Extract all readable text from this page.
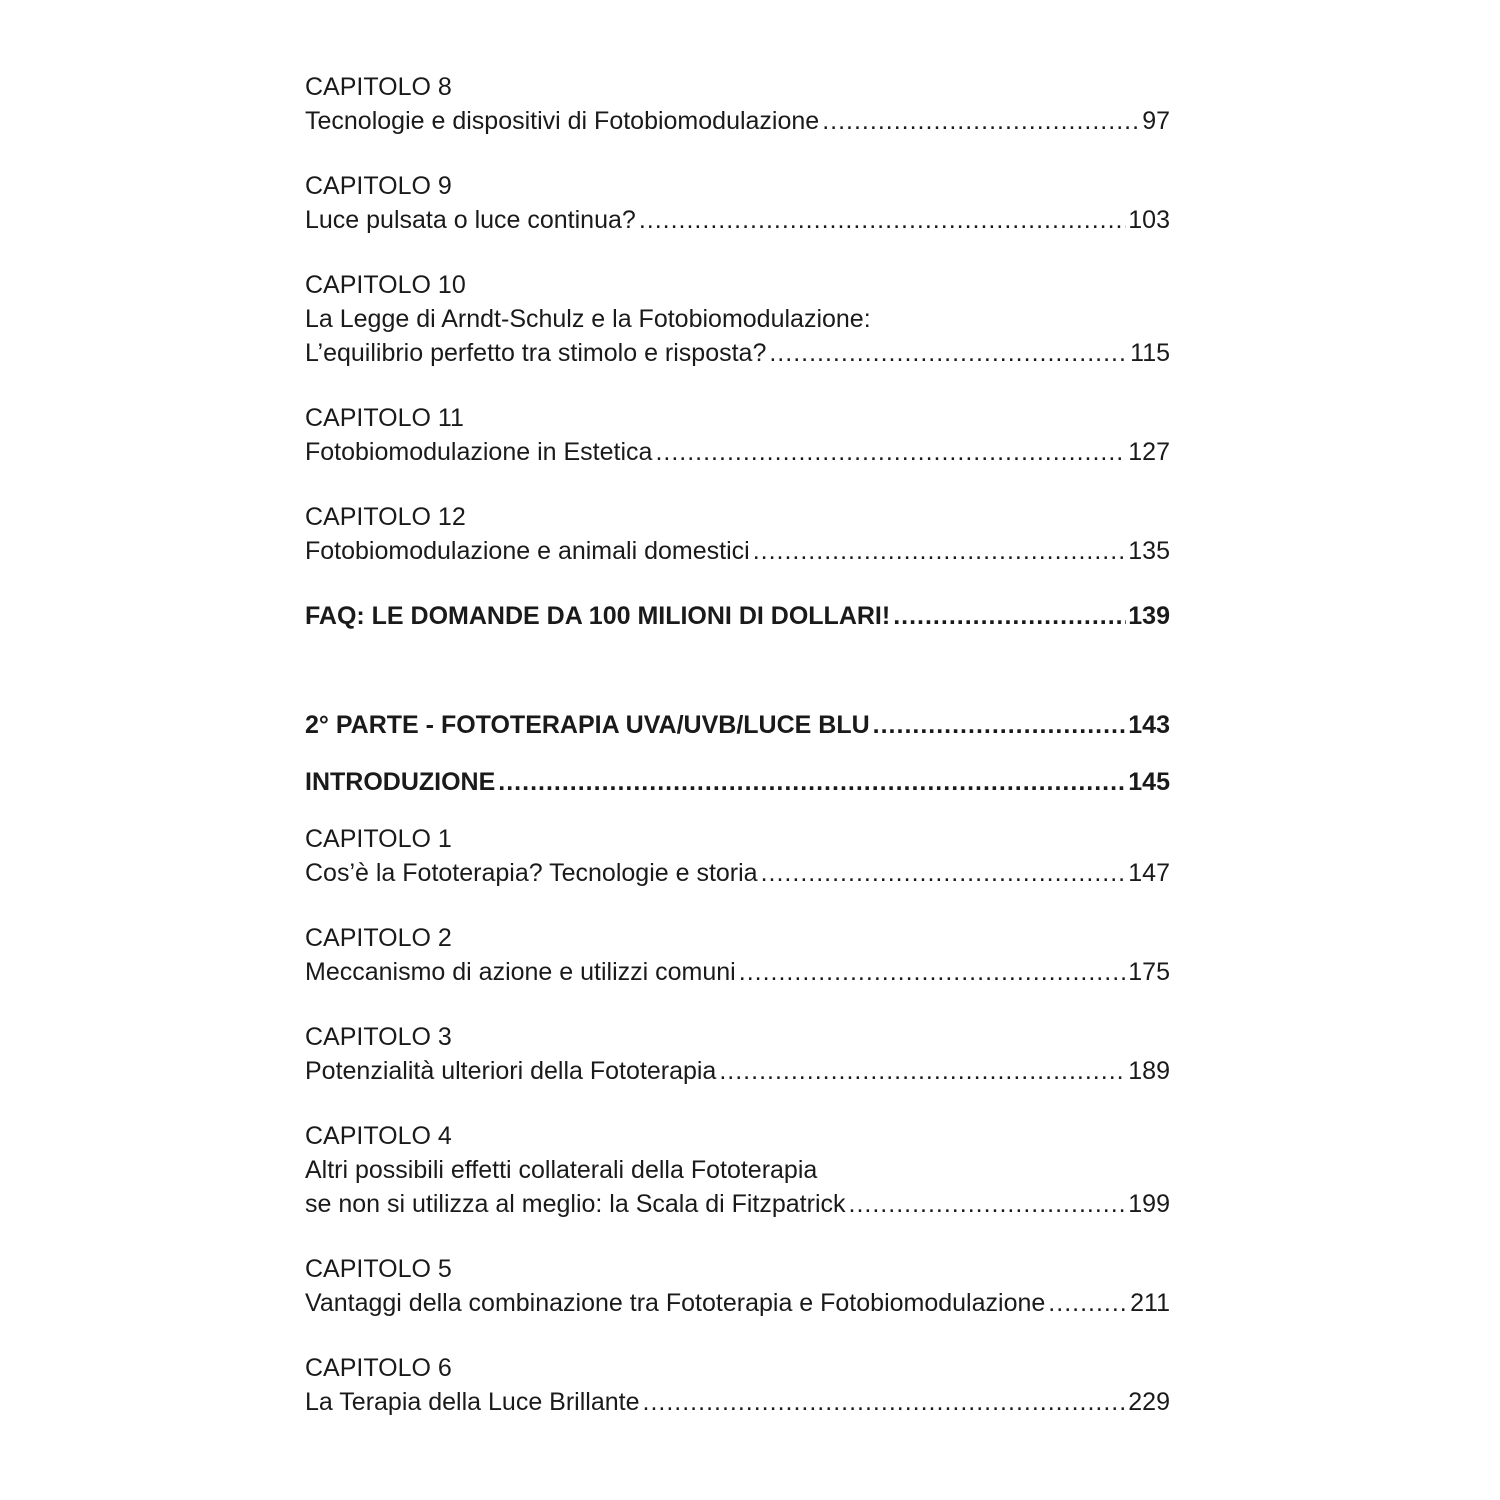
CAPITOLO 8
Tecnologie e dispositivi di Fotobiomodulazione .....	97
CAPITOLO 9
Luce pulsata o luce continua? .....	103
CAPITOLO 10
La Legge di Arndt-Schulz e la Fotobiomodulazione:
L’equilibrio perfetto tra stimolo e risposta? .....	115
CAPITOLO 11
Fotobiomodulazione in Estetica .....	127
CAPITOLO 12
Fotobiomodulazione e animali domestici .....	135
FAQ: LE DOMANDE DA 100 MILIONI DI DOLLARI! .....	139
2° PARTE - FOTOTERAPIA UVA/UVB/LUCE BLU .....	143
INTRODUZIONE .....	145
CAPITOLO 1
Cos’è la Fototerapia? Tecnologie e storia .....	147
CAPITOLO 2
Meccanismo di azione e utilizzi comuni .....	175
CAPITOLO 3
Potenzialità ulteriori della Fototerapia .....	189
CAPITOLO 4
Altri possibili effetti collaterali della Fototerapia
se non si utilizza al meglio: la Scala di Fitzpatrick .....	199
CAPITOLO 5
Vantaggi della combinazione tra Fototerapia e Fotobiomodulazione .....	211
CAPITOLO 6
La Terapia della Luce Brillante .....	229
